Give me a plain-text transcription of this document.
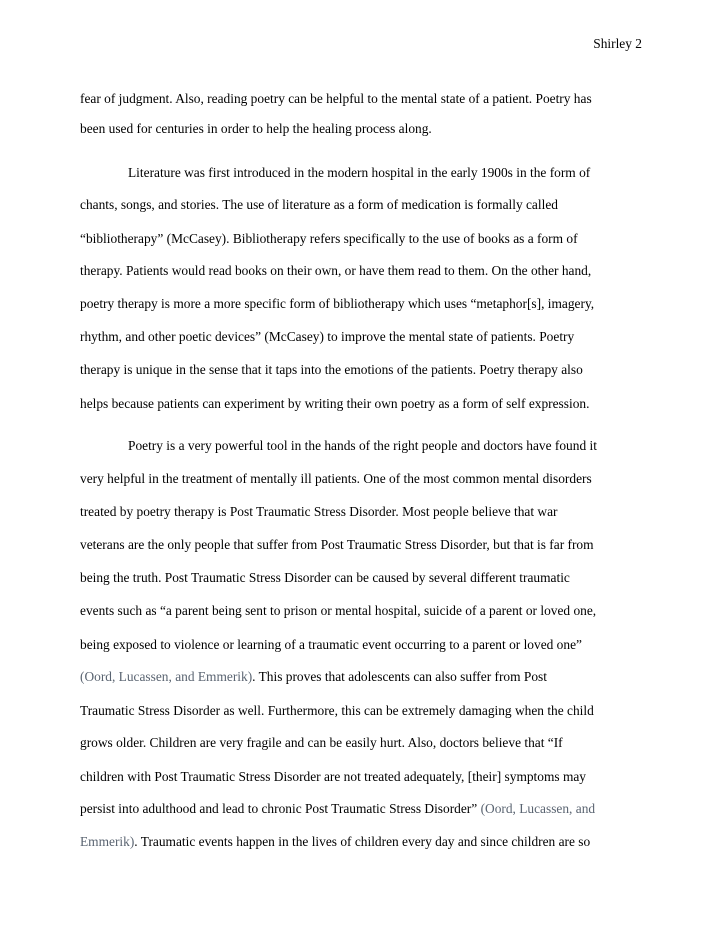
Shirley 2
fear of judgment. Also, reading poetry can be helpful to the mental state of a patient. Poetry has
been used for centuries in order to help the healing process along.
Literature was first introduced in the modern hospital in the early 1900s in the form of
chants, songs, and stories. The use of literature as a form of medication is formally called
“bibliotherapy” (McCasey). Bibliotherapy refers specifically to the use of books as a form of
therapy. Patients would read books on their own, or have them read to them. On the other hand,
poetry therapy is more a more specific form of bibliotherapy which uses “metaphor[s], imagery,
rhythm, and other poetic devices” (McCasey) to improve the mental state of patients. Poetry
therapy is unique in the sense that it taps into the emotions of the patients. Poetry therapy also
helps because patients can experiment by writing their own poetry as a form of self expression.
Poetry is a very powerful tool in the hands of the right people and doctors have found it
very helpful in the treatment of mentally ill patients. One of the most common mental disorders
treated by poetry therapy is Post Traumatic Stress Disorder. Most people believe that war
veterans are the only people that suffer from Post Traumatic Stress Disorder, but that is far from
being the truth. Post Traumatic Stress Disorder can be caused by several different traumatic
events such as “a parent being sent to prison or mental hospital, suicide of a parent or loved one,
being exposed to violence or learning of a traumatic event occurring to a parent or loved one”
(Oord, Lucassen, and Emmerik). This proves that adolescents can also suffer from Post
Traumatic Stress Disorder as well. Furthermore, this can be extremely damaging when the child
grows older. Children are very fragile and can be easily hurt. Also, doctors believe that “If
children with Post Traumatic Stress Disorder are not treated adequately, [their] symptoms may
persist into adulthood and lead to chronic Post Traumatic Stress Disorder” (Oord, Lucassen, and
Emmerik). Traumatic events happen in the lives of children every day and since children are so
